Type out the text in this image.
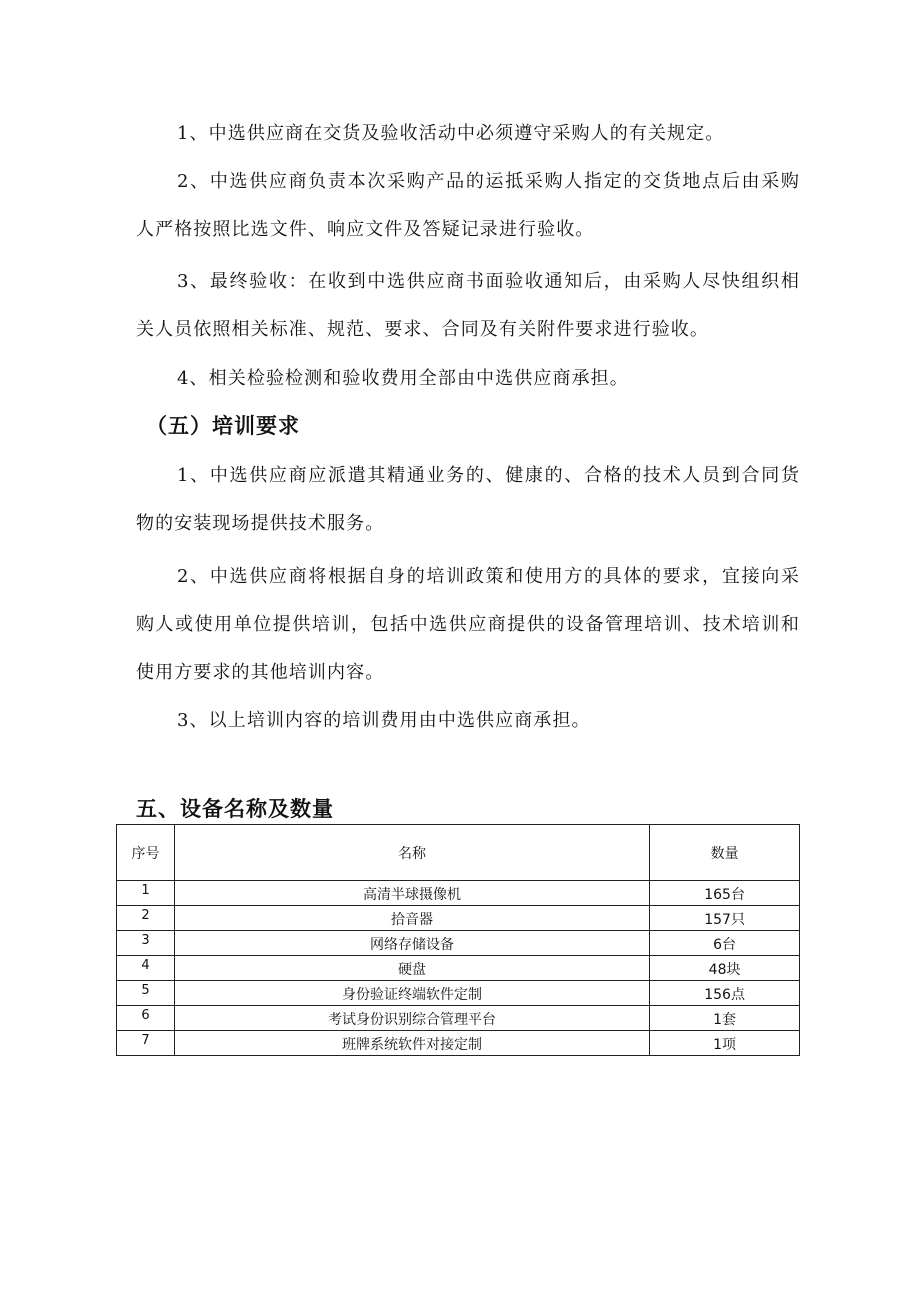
1、中选供应商在交货及验收活动中必须遵守采购人的有关规定。

2、中选供应商负责本次采购产品的运抵采购人指定的交货地点后由采购人严格按照比选文件、响应文件及答疑记录进行验收。

3、最终验收：在收到中选供应商书面验收通知后，由采购人尽快组织相关人员依照相关标准、规范、要求、合同及有关附件要求进行验收。

4、相关检验检测和验收费用全部由中选供应商承担。

（五）培训要求

1、中选供应商应派遣其精通业务的、健康的、合格的技术人员到合同货物的安装现场提供技术服务。

2、中选供应商将根据自身的培训政策和使用方的具体的要求，宜接向采购人或使用单位提供培训，包括中选供应商提供的设备管理培训、技术培训和使用方要求的其他培训内容。

3、以上培训内容的培训费用由中选供应商承担。

五、设备名称及数量
序号	名称	数量
1	高清半球摄像机	165台
2	拾音器	157只
3	网络存储设备	6台
4	硬盘	48块
5	身份验证终端软件定制	156点
6	考试身份识别综合管理平台	1套
7	班牌系统软件对接定制	1项
